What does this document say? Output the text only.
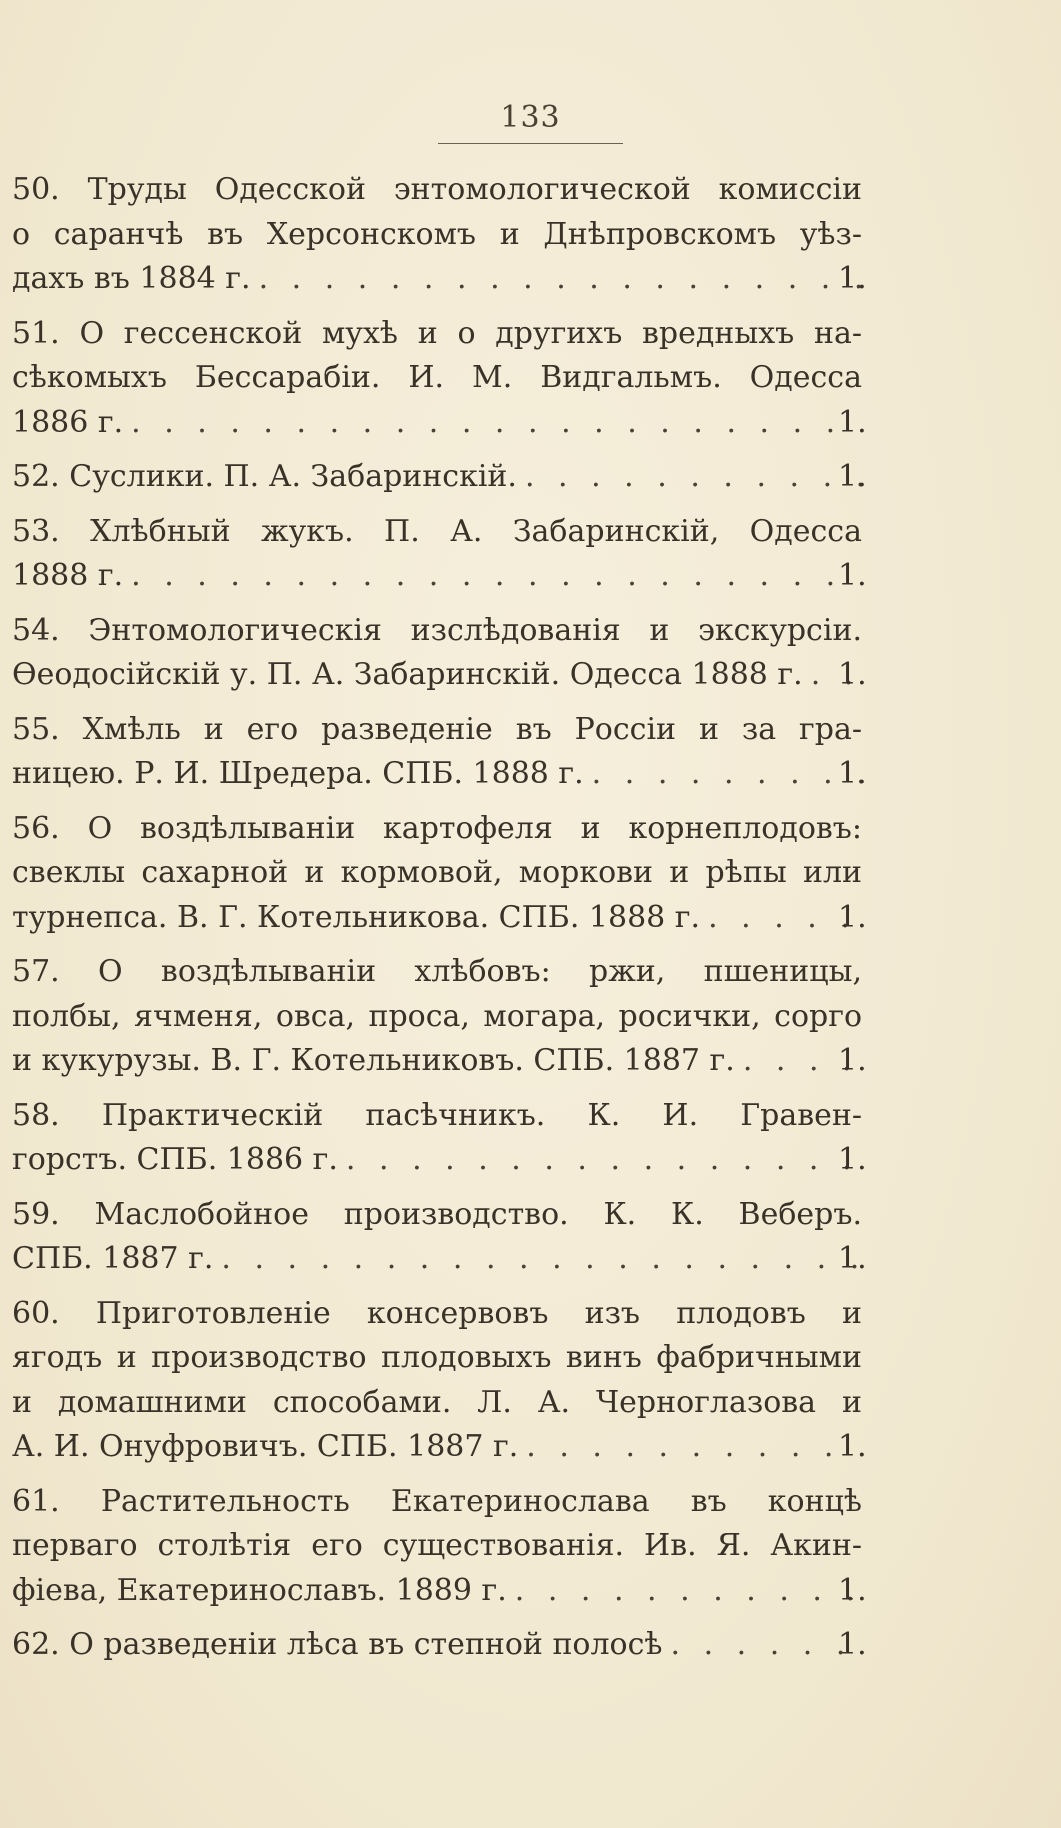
133
50. Труды Одесской энтомологической комиссіи
о саранчѣ въ Херсонскомъ и Днѣпровскомъ уѣз-
дахъ въ 1884 г. . . .	1.
51. О гессенской мухѣ и о другихъ вредныхъ на-
сѣкомыхъ Бессарабіи. И. М. Видгальмъ. Одесса
1886 г. . . .	1.
52. Суслики. П. А. Забаринскій. . . .	1.
53. Хлѣбный жукъ. П. А. Забаринскій, Одесса
1888 г. . . .	1.
54. Энтомологическія изслѣдованія и экскурсіи.
Ѳеодосійскій у. П. А. Забаринскій. Одесса 1888 г. . . . 1.
55. Хмѣль и его разведеніе въ Россіи и за гра-
ницею. Р. И. Шредера. СПБ. 1888 г. . . .	1.
56. О воздѣлываніи картофеля и корнеплодовъ:
свеклы сахарной и кормовой, моркови и рѣпы или
турнепса. В. Г. Котельникова. СПБ. 1888 г. . . .	1.
57. О воздѣлываніи хлѣбовъ: ржи, пшеницы,
полбы, ячменя, овса, проса, могара, росички, сорго
и кукурузы. В. Г. Котельниковъ. СПБ. 1887 г. . . .	1.
58. Практическій пасѣчникъ. К. И. Гравен-
горстъ. СПБ. 1886 г. . . .	1.
59. Маслобойное производство. К. К. Веберъ.
СПБ. 1887 г. . . .	1.
60. Приготовленіе консервовъ изъ плодовъ и
ягодъ и производство плодовыхъ винъ фабричными
и домашними способами. Л. А. Черноглазова и
А. И. Онуфровичъ. СПБ. 1887 г. . . .	1.
61. Растительность Екатеринослава въ концѣ
перваго столѣтія его существованія. Ив. Я. Акин-
фіева, Екатеринославъ. 1889 г. . . .	1.
62. О разведеніи лѣса въ степной полосѣ . . .	1.
